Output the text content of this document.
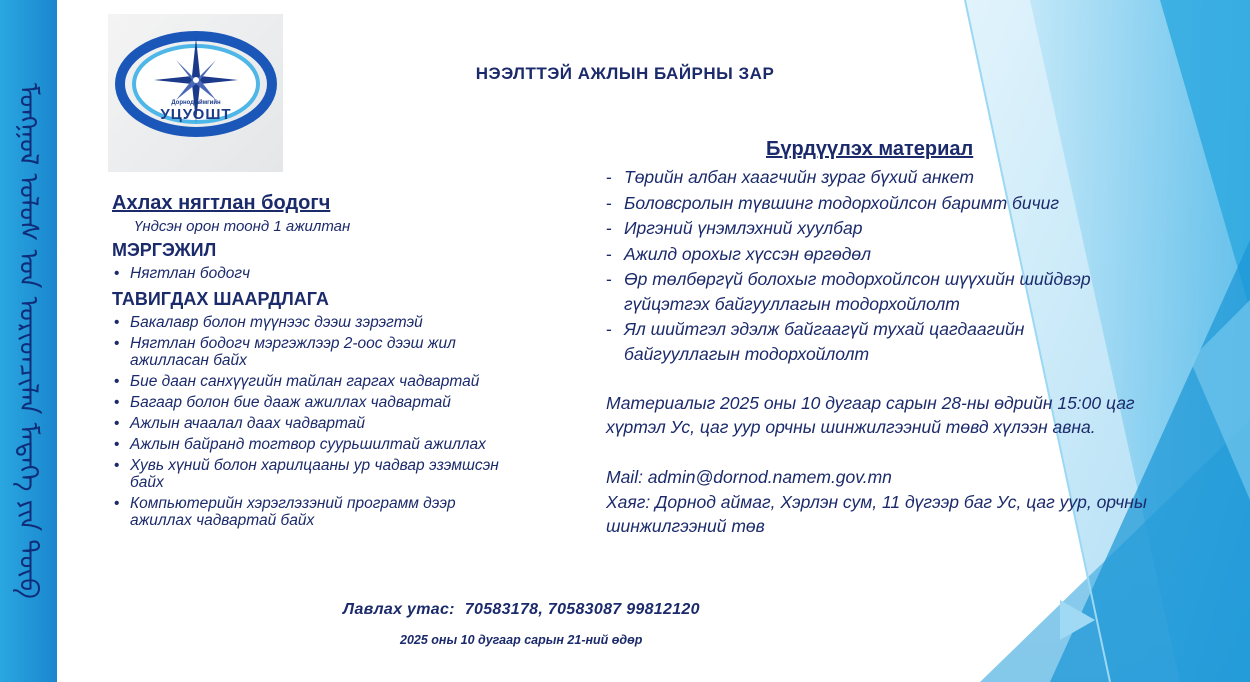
ᠮᠣᠩᠭᠣᠯ ᠤᠯᠤᠰ ᠤᠨ ᠤᠷᠢᠳᠴᠢᠯᠠᠨ ᠮᠡᠳᠡᠭᠡ ᠶᠢᠨ ᠲᠥᠪ	Дорнод аймгийн
УЦУОШТ
НЭЭЛТТЭЙ АЖЛЫН БАЙРНЫ ЗАР
Ахлах нягтлан бодогч
Үндсэн орон тоонд 1 ажилтан
МЭРГЭЖИЛ
• Нягтлан бодогч
ТАВИГДАХ ШААРДЛАГА
• Бакалавр болон түүнээс дээш зэрэгтэй
• Нягтлан бодогч мэргэжлээр 2-оос дээш жил ажилласан байх
• Бие даан санхүүгийн тайлан гаргах чадвартай
• Багаар болон бие дааж ажиллах чадвартай
• Ажлын ачаалал даах чадвартай
• Ажлын байранд тогтвор суурьшилтай ажиллах
• Хувь хүний болон харилцааны ур чадвар эзэмшсэн байх
• Компьютерийн хэрэглэзэний программ дээр ажиллах чадвартай байх
Бүрдүүлэх материал
- Төрийн албан хаагчийн зураг бүхий анкет
- Боловсролын түвшинг тодорхойлсон баримт бичиг
- Иргэний үнэмлэхний хуулбар
- Ажилд орохыг хүссэн өргөдөл
- Өр төлбөргүй болохыг тодорхойлсон шүүхийн шийдвэр гүйцэтгэх байгууллагын тодорхойлолт
- Ял шийтгэл эдэлж байгаагүй тухай цагдаагийн байгууллагын тодорхойлолт
Материалыг 2025 оны 10 дугаар сарын 28-ны өдрийн 15:00 цаг хүртэл Ус, цаг уур орчны шинжилгээний төвд хүлээн авна.
Mail: admin@dornod.namem.gov.mn
Хаяг: Дорнод аймаг, Хэрлэн сум, 11 дүгээр баг Ус, цаг уур, орчны шинжилгээний төв
Лавлах утас: 70583178, 70583087 99812120
2025 оны 10 дугаар сарын 21-ний өдөр
